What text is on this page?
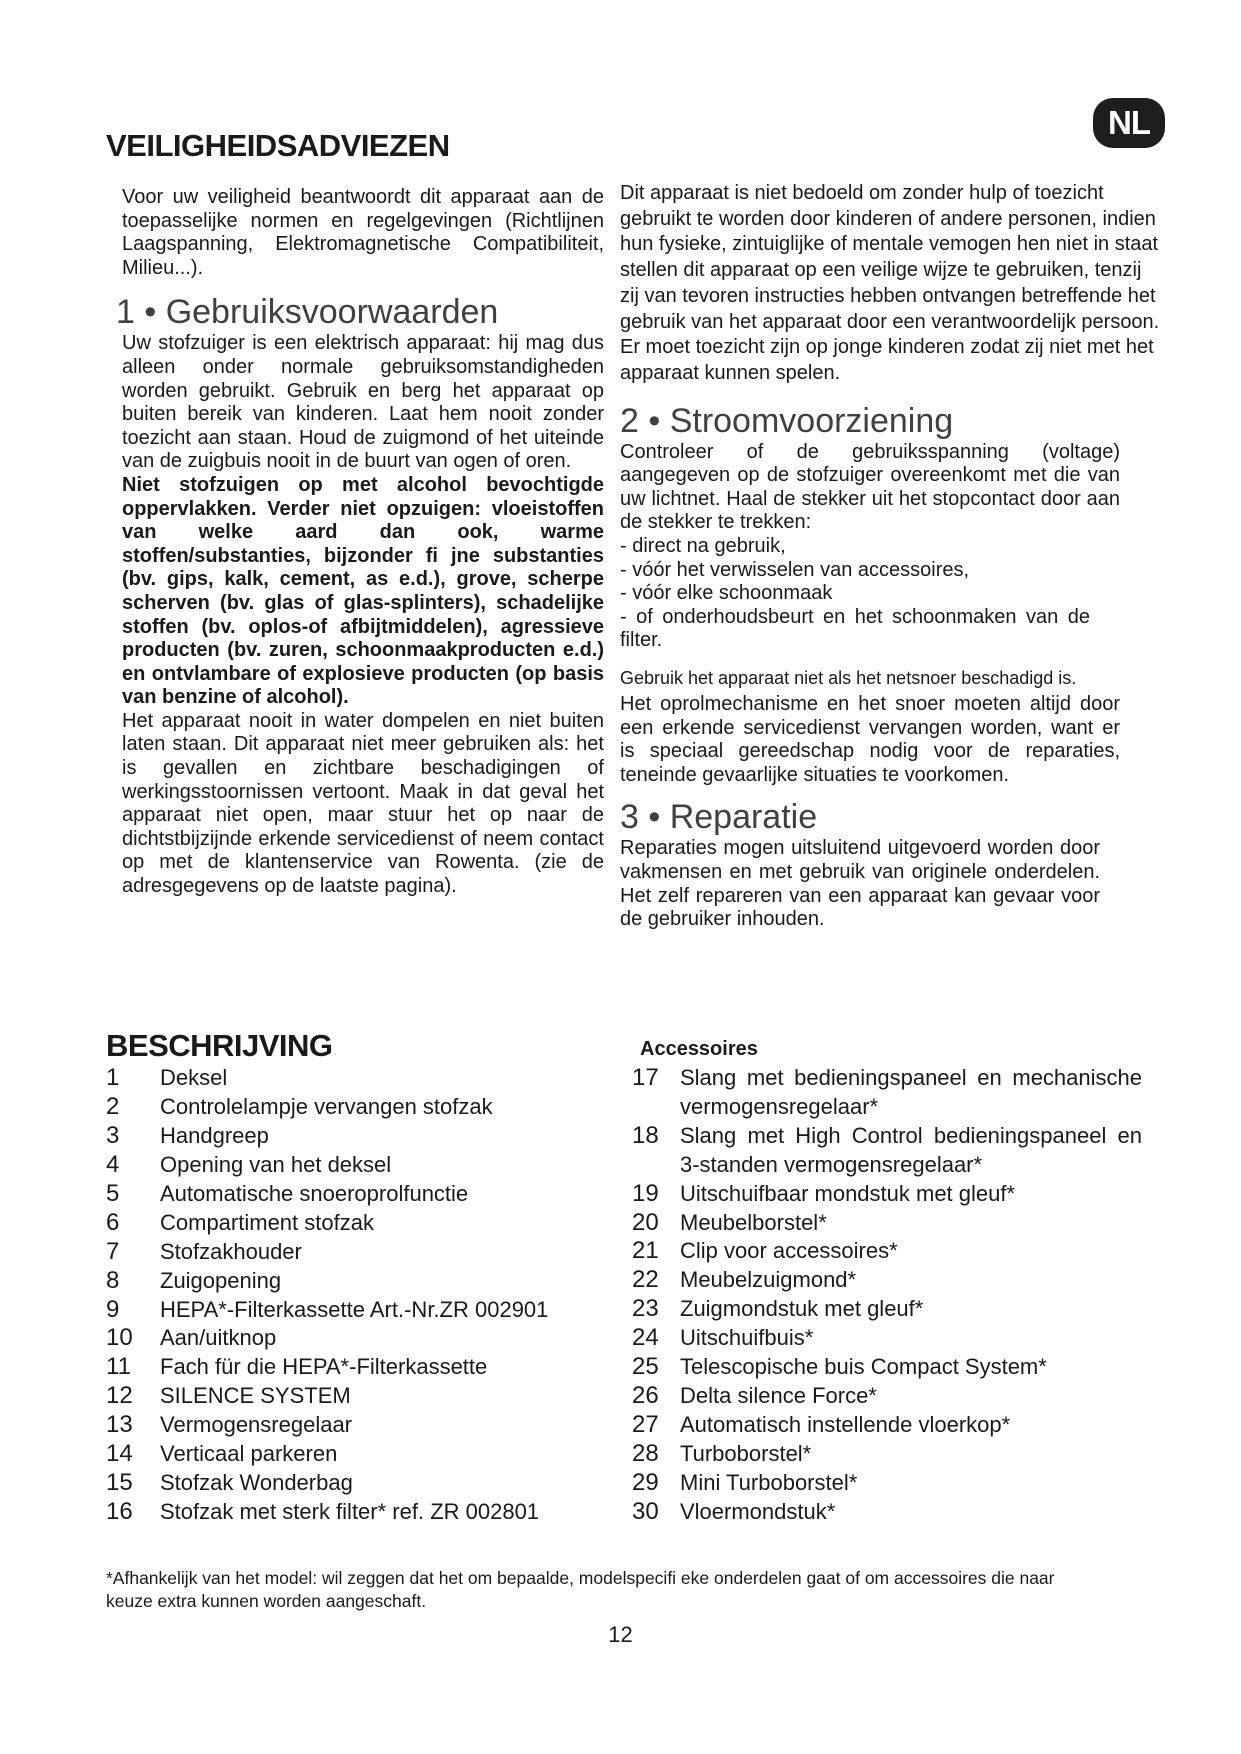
NL
VEILIGHEIDSADVIEZEN

Voor uw veiligheid beantwoordt dit apparaat aan de toepasselijke normen en regelgevingen (Richtlijnen Laagspanning, Elektromagnetische Compatibiliteit, Milieu...).

1 • Gebruiksvoorwaarden

Uw stofzuiger is een elektrisch apparaat: hij mag dus alleen onder normale gebruiksomstandigheden worden gebruikt. Gebruik en berg het apparaat op buiten bereik van kinderen. Laat hem nooit zonder toezicht aan staan. Houd de zuigmond of het uiteinde van de zuigbuis nooit in de buurt van ogen of oren.

Niet stofzuigen op met alcohol bevochtigde oppervlakken. Verder niet opzuigen: vloeistoffen van welke aard dan ook, warme stoffen/substanties, bijzonder fi jne substanties (bv. gips, kalk, cement, as e.d.), grove, scherpe scherven (bv. glas of glas-splinters), schadelijke stoffen (bv. oplos-of afbijtmiddelen), agressieve producten (bv. zuren, schoonmaakproducten e.d.) en ontvlambare of explosieve producten (op basis van benzine of alcohol).

Het apparaat nooit in water dompelen en niet buiten laten staan. Dit apparaat niet meer gebruiken als: het is gevallen en zichtbare beschadigingen of werkingsstoornissen vertoont. Maak in dat geval het apparaat niet open, maar stuur het op naar de dichtstbijzijnde erkende servicedienst of neem contact op met de klantenservice van Rowenta. (zie de adresgegevens op de laatste pagina).

Dit apparaat is niet bedoeld om zonder hulp of toezicht gebruikt te worden door kinderen of andere personen, indien hun fysieke, zintuiglijke of mentale vemogen hen niet in staat stellen dit apparaat op een veilige wijze te gebruiken, tenzij zij van tevoren instructies hebben ontvangen betreffende het gebruik van het apparaat door een verantwoordelijk persoon.

Er moet toezicht zijn op jonge kinderen zodat zij niet met het apparaat kunnen spelen.

2 • Stroomvoorziening

Controleer of de gebruiksspanning (voltage) aangegeven op de stofzuiger overeenkomt met die van uw lichtnet. Haal de stekker uit het stopcontact door aan de stekker te trekken:

- direct na gebruik,

- vóór het verwisselen van accessoires,

- vóór elke schoonmaak

- of onderhoudsbeurt en het schoonmaken van de filter.

Gebruik het apparaat niet als het netsnoer beschadigd is.

Het oprolmechanisme en het snoer moeten altijd door een erkende servicedienst vervangen worden, want er is speciaal gereedschap nodig voor de reparaties, teneinde gevaarlijke situaties te voorkomen.

3 • Reparatie

Reparaties mogen uitsluitend uitgevoerd worden door vakmensen en met gebruik van originele onderdelen. Het zelf repareren van een apparaat kan gevaar voor de gebruiker inhouden.

BESCHRIJVING
1	Deksel
2	Controlelampje vervangen stofzak
3	Handgreep
4	Opening van het deksel
5	Automatische snoeroprolfunctie
6	Compartiment stofzak
7	Stofzakhouder
8	Zuigopening
9	HEPA*-Filterkassette Art.-Nr.ZR 002901
10	Aan/uitknop
11	Fach für die HEPA*-Filterkassette
12	SILENCE SYSTEM
13	Vermogensregelaar
14	Verticaal parkeren
15	Stofzak Wonderbag
16	Stofzak met sterk filter* ref. ZR 002801
Accessoires
17 Slang met bedieningspaneel en mechanische vermogensregelaar*
18 Slang met High Control bedieningspaneel en 3-standen vermogensregelaar*
19 Uitschuifbaar mondstuk met gleuf*
20 Meubelborstel*
21 Clip voor accessoires*
22 Meubelzuigmond*
23 Zuigmondstuk met gleuf*
24 Uitschuifbuis*
25 Telescopische buis Compact System*
26 Delta silence Force*
27 Automatisch instellende vloerkop*
28 Turboborstel*
29 Mini Turboborstel*
30 Vloermondstuk*
*Afhankelijk van het model: wil zeggen dat het om bepaalde, modelspecifi eke onderdelen gaat of om accessoires die naar keuze extra kunnen worden aangeschaft.
12
